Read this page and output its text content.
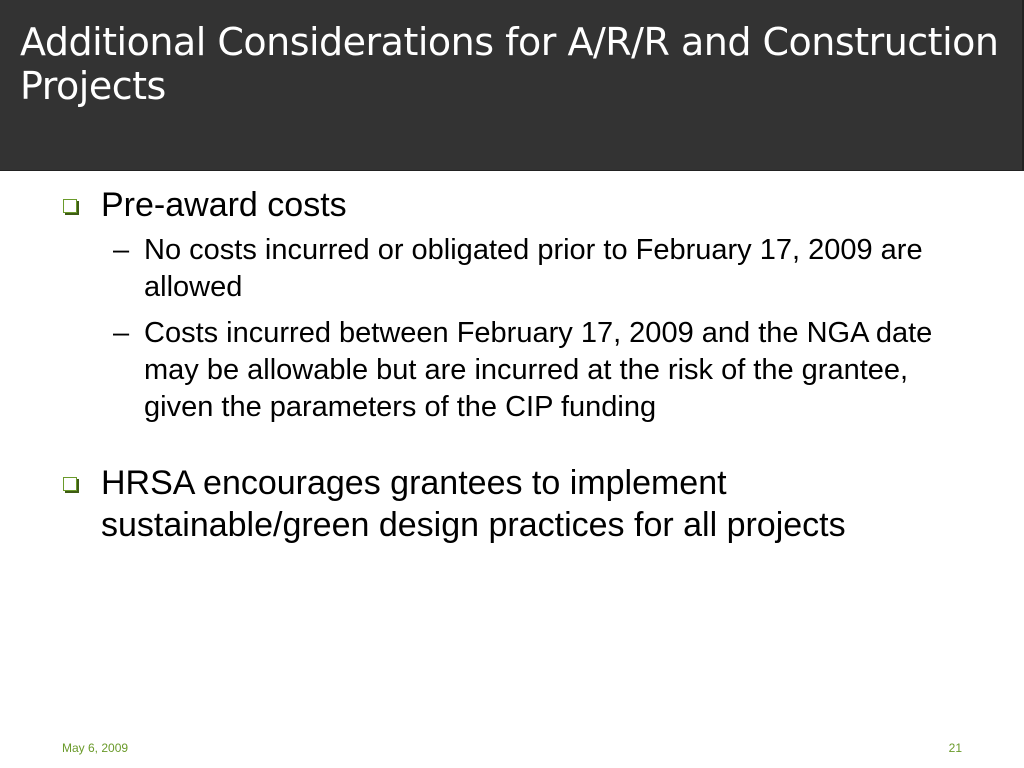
Additional Considerations for A/R/R and Construction Projects
Pre-award costs
– No costs incurred or obligated prior to February 17, 2009 are allowed
– Costs incurred between February 17, 2009 and the NGA date may be allowable but are incurred at the risk of the grantee, given the parameters of the CIP funding
HRSA encourages grantees to implement sustainable/green design practices for all projects
May 6, 2009	21
